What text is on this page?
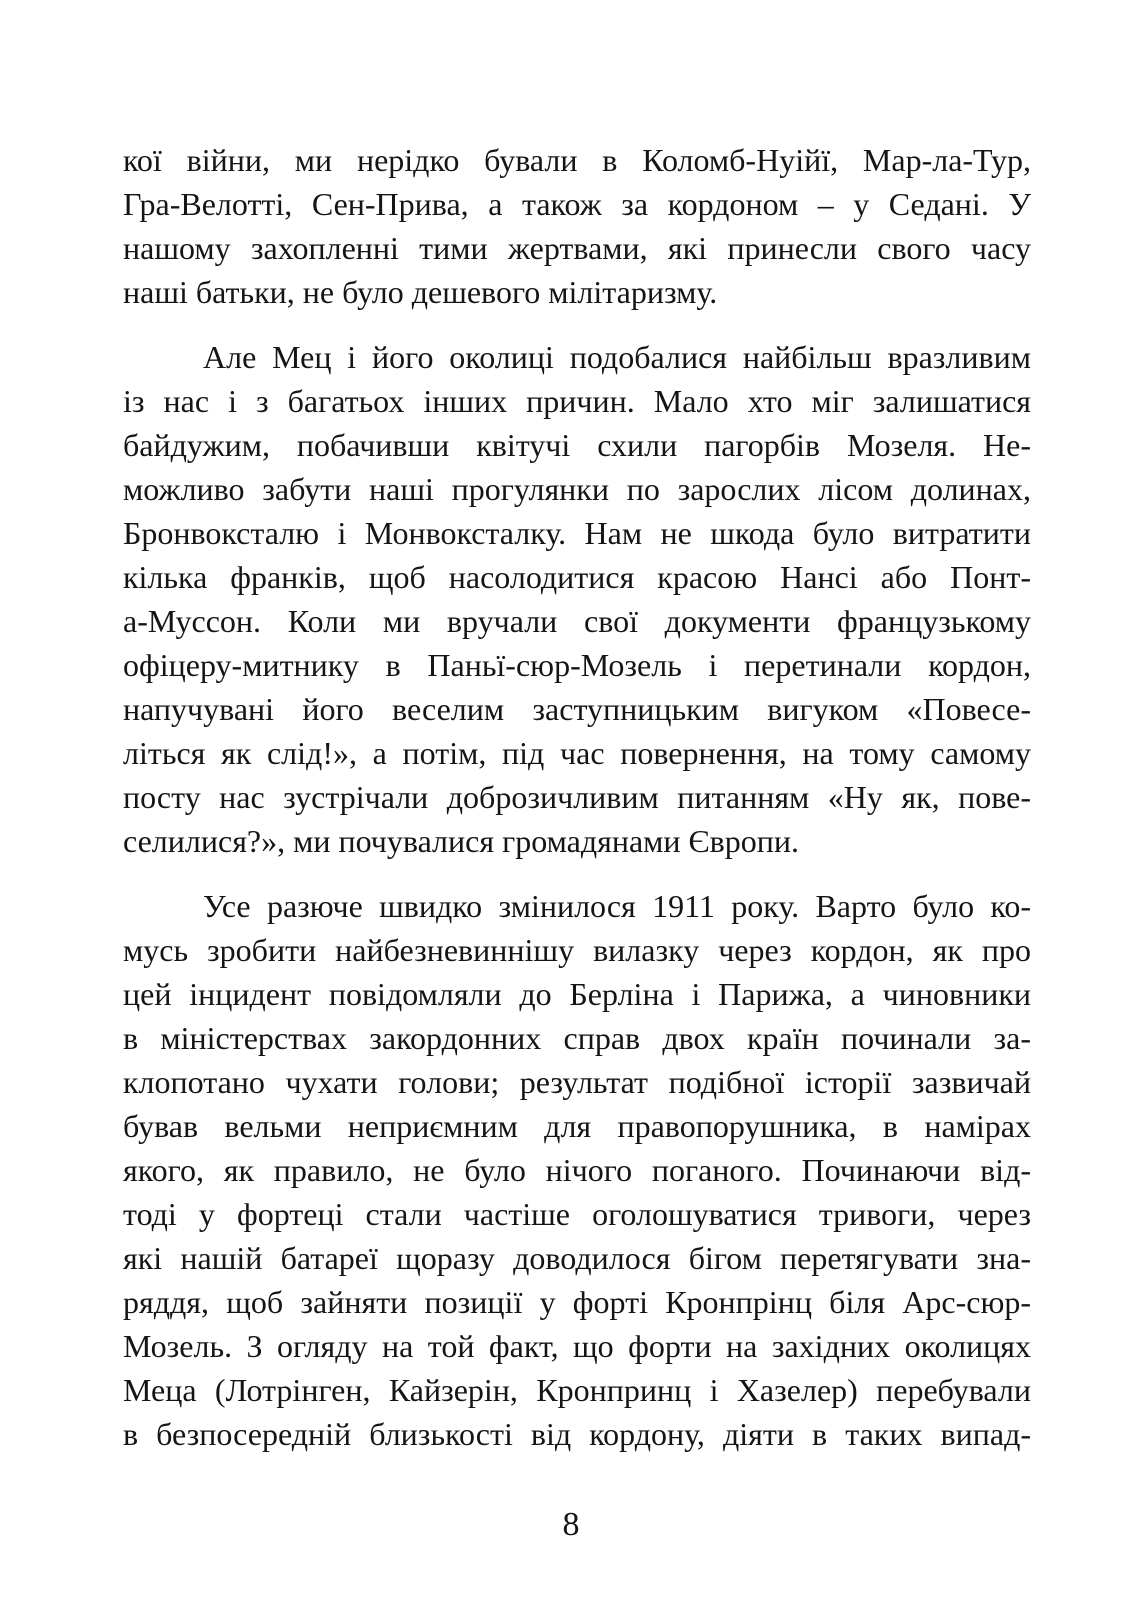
кої війни, ми нерідко бували в Коломб-Нуійї, Мар-ла-Тур,
Гра-Велотті, Сен-Прива, а також за кордоном – у Седані. У
нашому захопленні тими жертвами, які принесли свого часу
наші батьки, не було дешевого мілітаризму.
Але Мец і його околиці подобалися найбільш вразливим
із нас і з багатьох інших причин. Мало хто міг залишатися
байдужим, побачивши квітучі схили пагорбів Мозеля. Не-
можливо забути наші прогулянки по зарослих лісом долинах,
Бронвоксталю і Монвоксталку. Нам не шкода було витратити
кілька франків, щоб насолодитися красою Нансі або Понт-
а-Муссон. Коли ми вручали свої документи французькому
офіцеру-митнику в Паньї-сюр-Мозель і перетинали кордон,
напучувані його веселим заступницьким вигуком «Повесе-
літься як слід!», а потім, під час повернення, на тому самому
посту нас зустрічали доброзичливим питанням «Ну як, пове-
селилися?», ми почувалися громадянами Європи.
Усе разюче швидко змінилося 1911 року. Варто було ко-
мусь зробити найбезневиннішу вилазку через кордон, як про
цей інцидент повідомляли до Берліна і Парижа, а чиновники
в міністерствах закордонних справ двох країн починали за-
клопотано чухати голови; результат подібної історії зазвичай
бував вельми неприємним для правопорушника, в намірах
якого, як правило, не було нічого поганого. Починаючи від-
тоді у фортеці стали частіше оголошуватися тривоги, через
які нашій батареї щоразу доводилося бігом перетягувати зна-
ряддя, щоб зайняти позиції у форті Кронпрінц біля Арс-сюр-
Мозель. З огляду на той факт, що форти на західних околицях
Меца (Лотрінген, Кайзерін, Кронпринц і Хазелер) перебували
в безпосередній близькості від кордону, діяти в таких випад-
8
